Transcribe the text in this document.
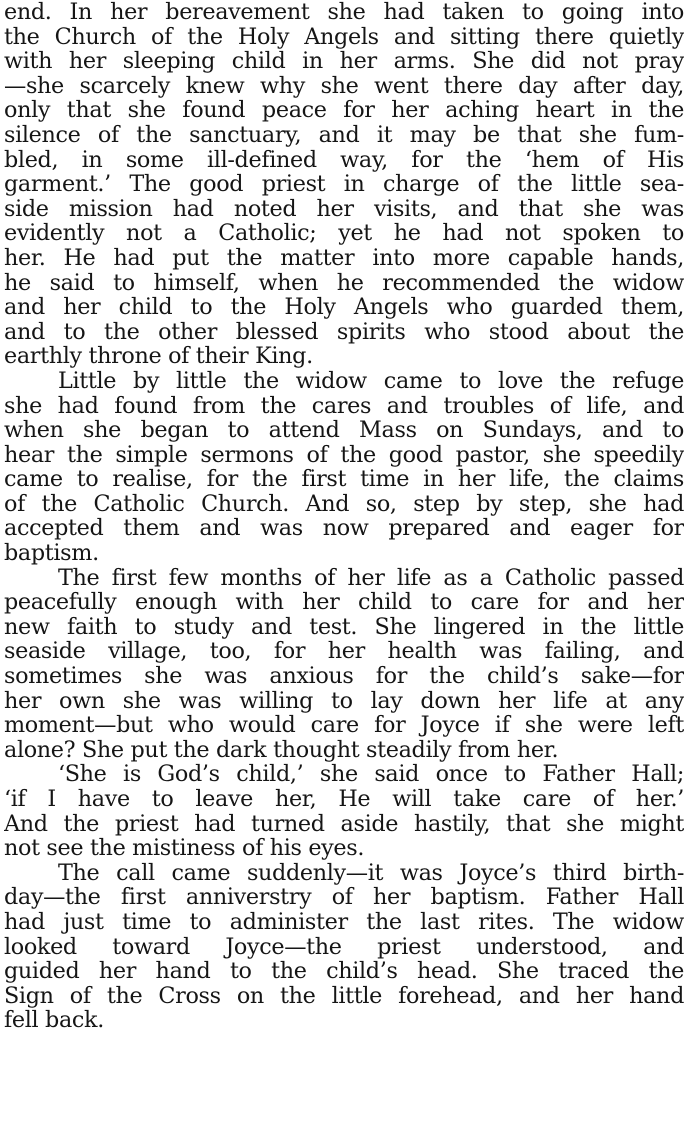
end. In her bereavement she had taken to going into
the Church of the Holy Angels and sitting there quietly
with her sleeping child in her arms. She did not pray
—she scarcely knew why she went there day after day,
only that she found peace for her aching heart in the
silence of the sanctuary, and it may be that she fum-
bled, in some ill-defined way, for the ‘hem of His
garment.’ The good priest in charge of the little sea-
side mission had noted her visits, and that she was
evidently not a Catholic; yet he had not spoken to
her. He had put the matter into more capable hands,
he said to himself, when he recommended the widow
and her child to the Holy Angels who guarded them,
and to the other blessed spirits who stood about the
earthly throne of their King.
Little by little the widow came to love the refuge
she had found from the cares and troubles of life, and
when she began to attend Mass on Sundays, and to
hear the simple sermons of the good pastor, she speedily
came to realise, for the first time in her life, the claims
of the Catholic Church. And so, step by step, she had
accepted them and was now prepared and eager for
baptism.
The first few months of her life as a Catholic passed
peacefully enough with her child to care for and her
new faith to study and test. She lingered in the little
seaside village, too, for her health was failing, and
sometimes she was anxious for the child’s sake—for
her own she was willing to lay down her life at any
moment—but who would care for Joyce if she were left
alone? She put the dark thought steadily from her.
‘She is God’s child,’ she said once to Father Hall;
‘if I have to leave her, He will take care of her.’
And the priest had turned aside hastily, that she might
not see the mistiness of his eyes.
The call came suddenly—it was Joyce’s third birth-
day—the first anniverstry of her baptism. Father Hall
had just time to administer the last rites. The widow
looked toward Joyce—the priest understood, and
guided her hand to the child’s head. She traced the
Sign of the Cross on the little forehead, and her hand
fell back.
